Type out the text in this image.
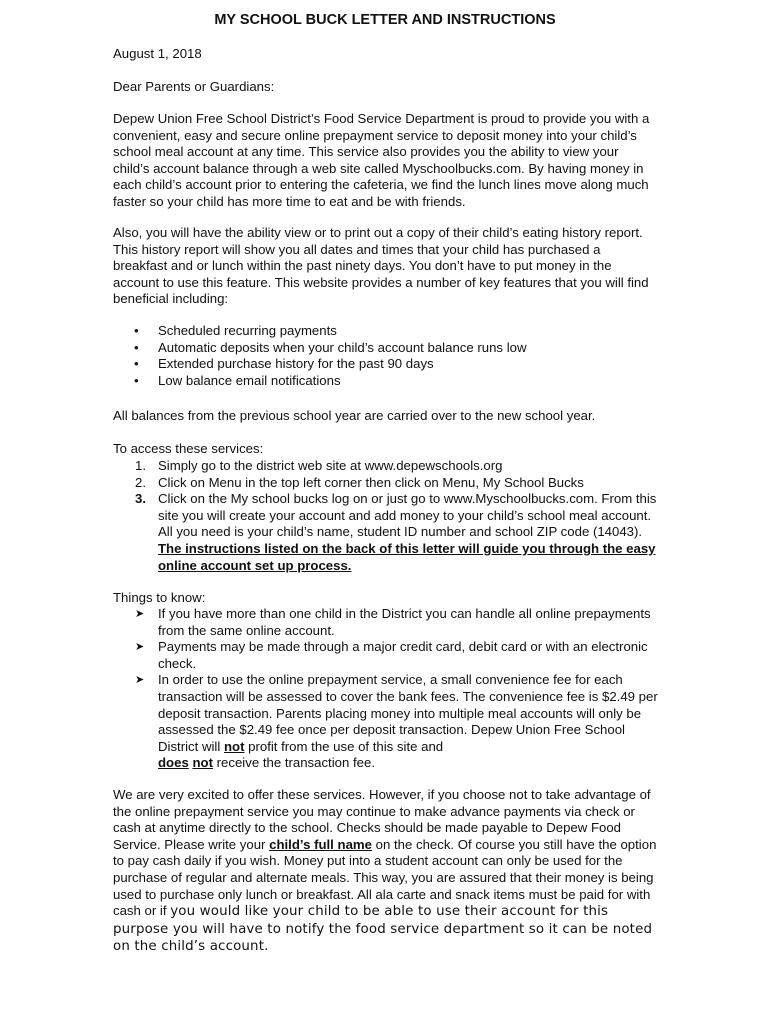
MY SCHOOL BUCK LETTER AND INSTRUCTIONS
August 1, 2018
Dear Parents or Guardians:

Depew Union Free School District’s Food Service Department is proud to provide you with a convenient, easy and secure online prepayment service to deposit money into your child’s school meal account at any time. This service also provides you the ability to view your child’s account balance through a web site called Myschoolbucks.com. By having money in each child’s account prior to entering the cafeteria, we find the lunch lines move along much faster so your child has more time to eat and be with friends.

Also, you will have the ability view or to print out a copy of their child’s eating history report. This history report will show you all dates and times that your child has purchased a breakfast and or lunch within the past ninety days. You don’t have to put money in the account to use this feature. This website provides a number of key features that you will find beneficial including:

• Scheduled recurring payments
• Automatic deposits when your child’s account balance runs low
• Extended purchase history for the past 90 days
• Low balance email notifications

All balances from the previous school year are carried over to the new school year.

To access these services:

1. Simply go to the district web site at www.depewschools.org
2. Click on Menu in the top left corner then click on Menu, My School Bucks
3. Click on the My school bucks log on or just go to www.Myschoolbucks.com. From this site you will create your account and add money to your child’s school meal account. All you need is your child’s name, student ID number and school ZIP code (14043). The instructions listed on the back of this letter will guide you through the easy online account set up process.

Things to know:

➤ If you have more than one child in the District you can handle all online prepayments from the same online account.
➤ Payments may be made through a major credit card, debit card or with an electronic check.
➤ In order to use the online prepayment service, a small convenience fee for each transaction will be assessed to cover the bank fees. The convenience fee is $2.49 per deposit transaction. Parents placing money into multiple meal accounts will only be assessed the $2.49 fee once per deposit transaction. Depew Union Free School District will not profit from the use of this site and
does not receive the transaction fee.

We are very excited to offer these services. However, if you choose not to take advantage of the online prepayment service you may continue to make advance payments via check or cash at anytime directly to the school. Checks should be made payable to Depew Food Service. Please write your child’s full name on the check. Of course you still have the option to pay cash daily if you wish. Money put into a student account can only be used for the purchase of regular and alternate meals. This way, you are assured that their money is being used to purchase only lunch or breakfast. All ala carte and snack items must be paid for with cash or if you would like your child to be able to use their account for this purpose you will have to notify the food service department so it can be noted on the child’s account.
